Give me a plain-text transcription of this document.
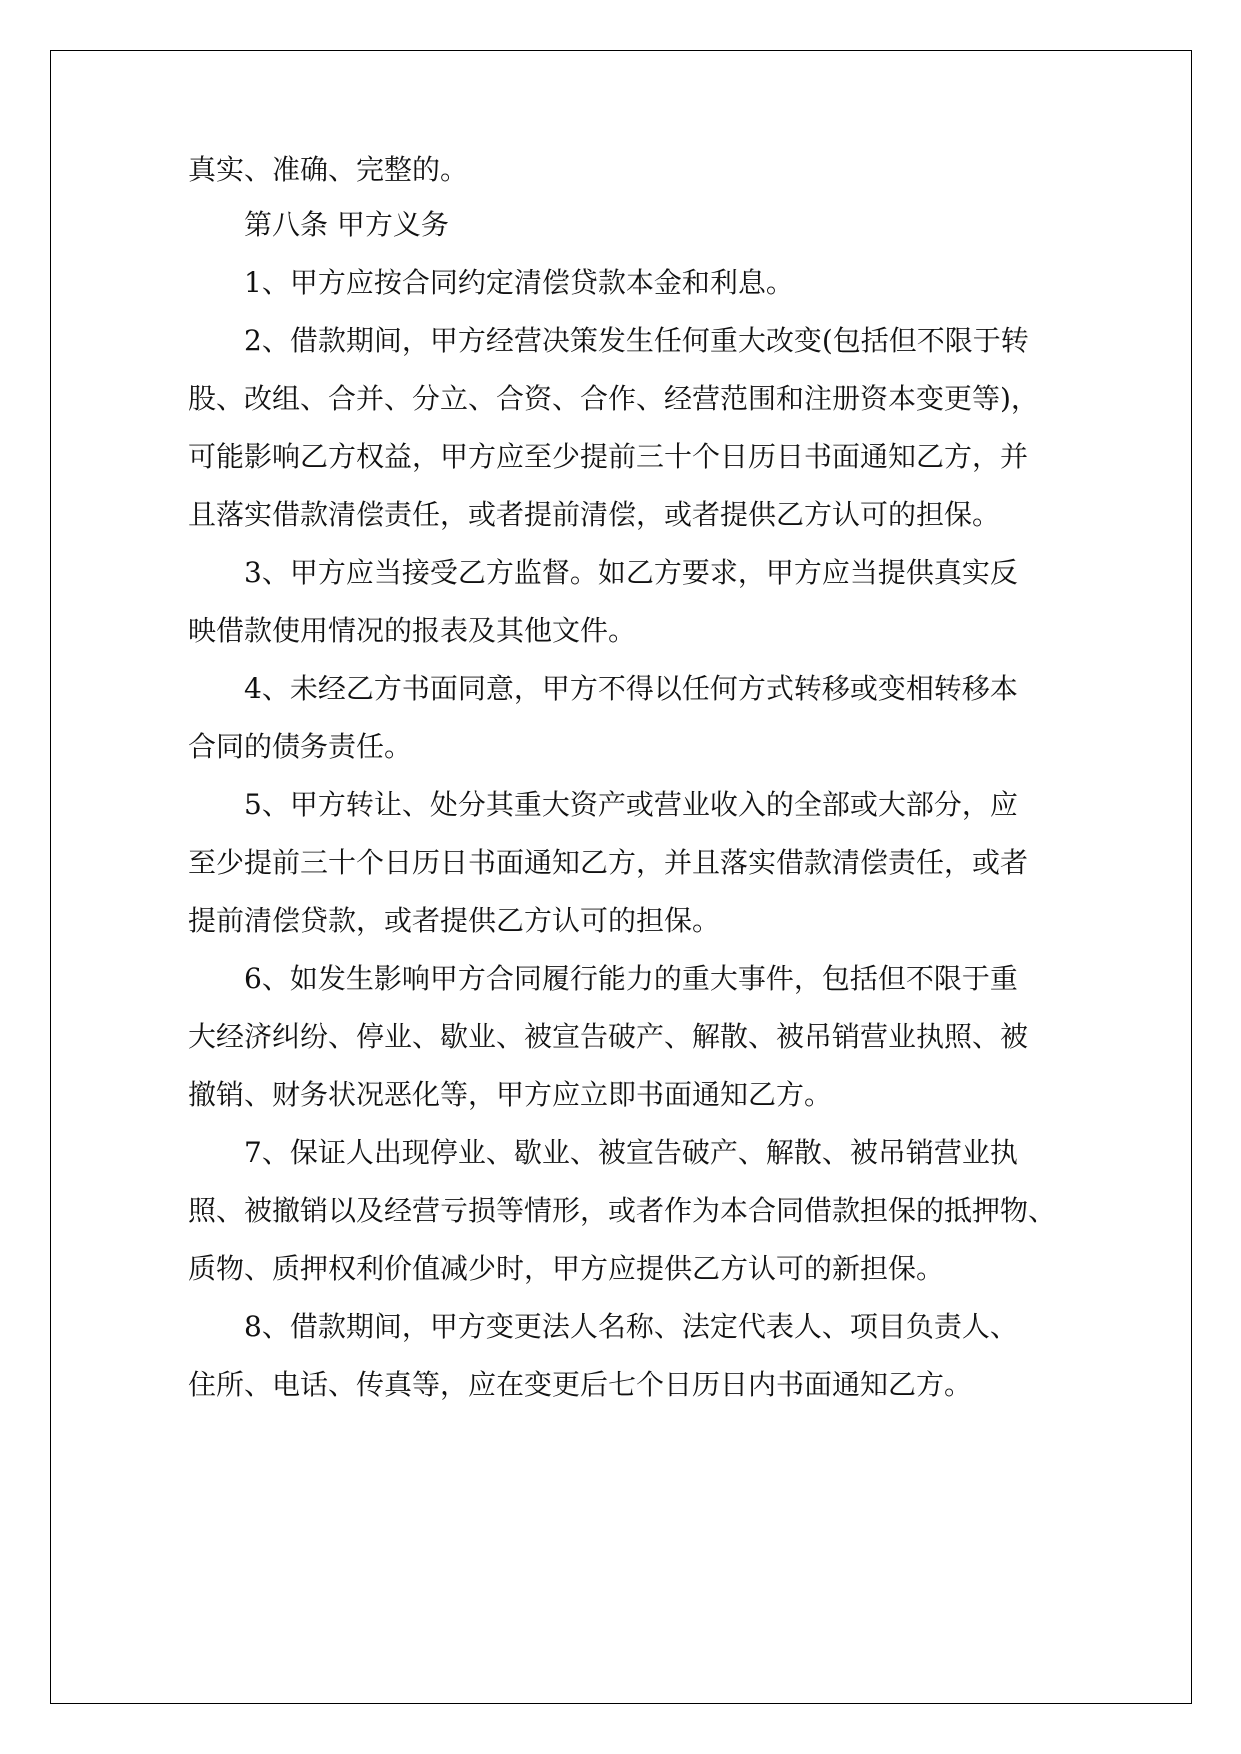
真实、准确、完整的。
第八条 甲方义务
1、甲方应按合同约定清偿贷款本金和利息。
2、借款期间，甲方经营决策发生任何重大改变(包括但不限于转
股、改组、合并、分立、合资、合作、经营范围和注册资本变更等)，
可能影响乙方权益，甲方应至少提前三十个日历日书面通知乙方，并
且落实借款清偿责任，或者提前清偿，或者提供乙方认可的担保。
3、甲方应当接受乙方监督。如乙方要求，甲方应当提供真实反
映借款使用情况的报表及其他文件。
4、未经乙方书面同意，甲方不得以任何方式转移或变相转移本
合同的债务责任。
5、甲方转让、处分其重大资产或营业收入的全部或大部分，应
至少提前三十个日历日书面通知乙方，并且落实借款清偿责任，或者
提前清偿贷款，或者提供乙方认可的担保。
6、如发生影响甲方合同履行能力的重大事件，包括但不限于重
大经济纠纷、停业、歇业、被宣告破产、解散、被吊销营业执照、被
撤销、财务状况恶化等，甲方应立即书面通知乙方。
7、保证人出现停业、歇业、被宣告破产、解散、被吊销营业执
照、被撤销以及经营亏损等情形，或者作为本合同借款担保的抵押物、
质物、质押权利价值减少时，甲方应提供乙方认可的新担保。
8、借款期间，甲方变更法人名称、法定代表人、项目负责人、
住所、电话、传真等，应在变更后七个日历日内书面通知乙方。
